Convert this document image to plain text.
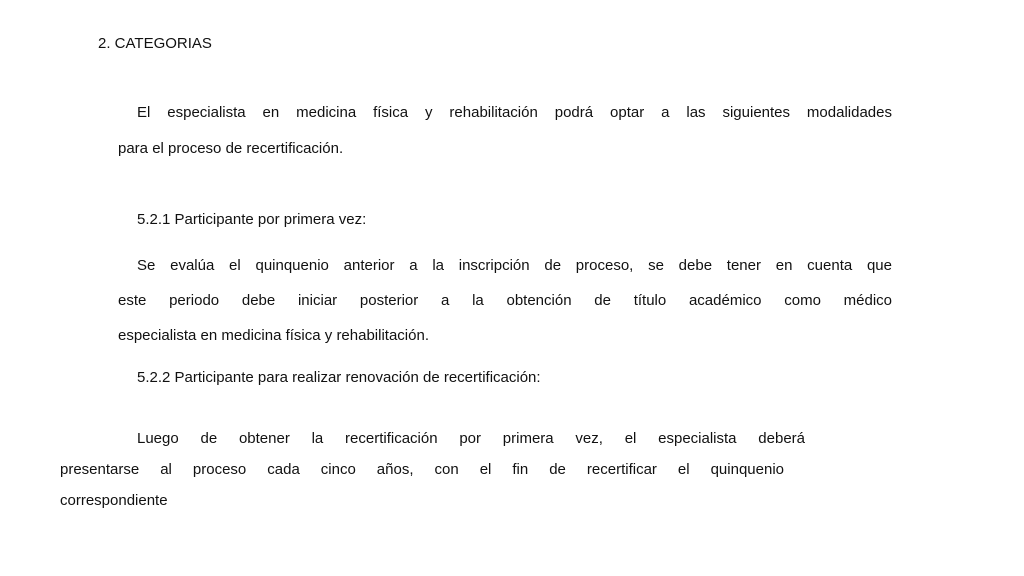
2. CATEGORIAS

El especialista en medicina física y rehabilitación podrá optar a las siguientes modalidades

para el proceso de recertificación.

5.2.1 Participante por primera vez:

Se evalúa el quinquenio anterior a la inscripción de proceso, se debe tener en cuenta que

este periodo debe iniciar posterior a la obtención de título académico como médico

especialista en medicina física y rehabilitación.

5.2.2 Participante para realizar renovación de recertificación:

Luego de obtener la recertificación por primera vez, el especialista deberá

presentarse al proceso cada cinco años, con el fin de recertificar el quinquenio

correspondiente
